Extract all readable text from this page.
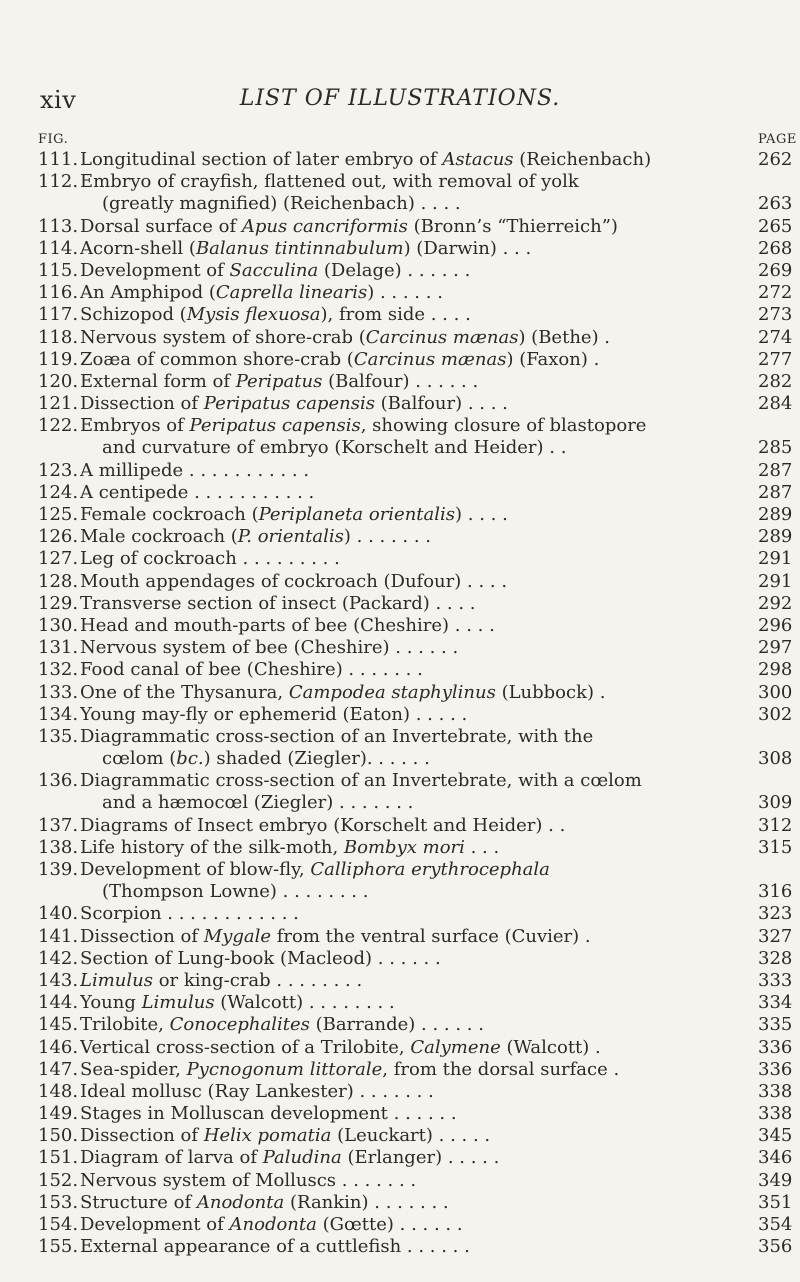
xiv	LIST OF ILLUSTRATIONS.
FIG.	PAGE
111. Longitudinal section of later embryo of Astacus (Reichenbach)	262
112. Embryo of crayfish, flattened out, with removal of yolk
(greatly magnified) (Reichenbach) . . . .	263
113. Dorsal surface of Apus cancriformis (Bronn’s “Thierreich”)	265
114. Acorn-shell (Balanus tintinnabulum) (Darwin) . . .	268
115. Development of Sacculina (Delage) . . . . . .	269
116. An Amphipod (Caprella linearis) . . . . . .	272
117. Schizopod (Mysis flexuosa), from side . . . .	273
118. Nervous system of shore-crab (Carcinus mænas) (Bethe) .	274
119. Zoæa of common shore-crab (Carcinus mænas) (Faxon) .	277
120. External form of Peripatus (Balfour) . . . . . .	282
121. Dissection of Peripatus capensis (Balfour) . . . .	284
122. Embryos of Peripatus capensis, showing closure of blastopore
and curvature of embryo (Korschelt and Heider) . .	285
123. A millipede . . . . . . . . . . .	287
124. A centipede . . . . . . . . . . .	287
125. Female cockroach (Periplaneta orientalis) . . . .	289
126. Male cockroach (P. orientalis) . . . . . . .	289
127. Leg of cockroach . . . . . . . . .	291
128. Mouth appendages of cockroach (Dufour) . . . .	291
129. Transverse section of insect (Packard) . . . .	292
130. Head and mouth-parts of bee (Cheshire) . . . .	296
131. Nervous system of bee (Cheshire) . . . . . .	297
132. Food canal of bee (Cheshire) . . . . . . .	298
133. One of the Thysanura, Campodea staphylinus (Lubbock) .	300
134. Young may-fly or ephemerid (Eaton) . . . . .	302
135. Diagrammatic cross-section of an Invertebrate, with the
cœlom (bc.) shaded (Ziegler). . . . . .	308
136. Diagrammatic cross-section of an Invertebrate, with a cœlom
and a hæmocœl (Ziegler) . . . . . . .	309
137. Diagrams of Insect embryo (Korschelt and Heider) . .	312
138. Life history of the silk-moth, Bombyx mori . . .	315
139. Development of blow-fly, Calliphora erythrocephala
(Thompson Lowne) . . . . . . . .	316
140. Scorpion . . . . . . . . . . . .	323
141. Dissection of Mygale from the ventral surface (Cuvier) .	327
142. Section of Lung-book (Macleod) . . . . . .	328
143. Limulus or king-crab . . . . . . . .	333
144. Young Limulus (Walcott) . . . . . . . .	334
145. Trilobite, Conocephalites (Barrande) . . . . . .	335
146. Vertical cross-section of a Trilobite, Calymene (Walcott) .	336
147. Sea-spider, Pycnogonum littorale, from the dorsal surface .	336
148. Ideal mollusc (Ray Lankester) . . . . . . .	338
149. Stages in Molluscan development . . . . . .	338
150. Dissection of Helix pomatia (Leuckart) . . . . .	345
151. Diagram of larva of Paludina (Erlanger) . . . . .	346
152. Nervous system of Molluscs . . . . . . .	349
153. Structure of Anodonta (Rankin) . . . . . . .	351
154. Development of Anodonta (Gœtte) . . . . . .	354
155. External appearance of a cuttlefish . . . . . .	356
